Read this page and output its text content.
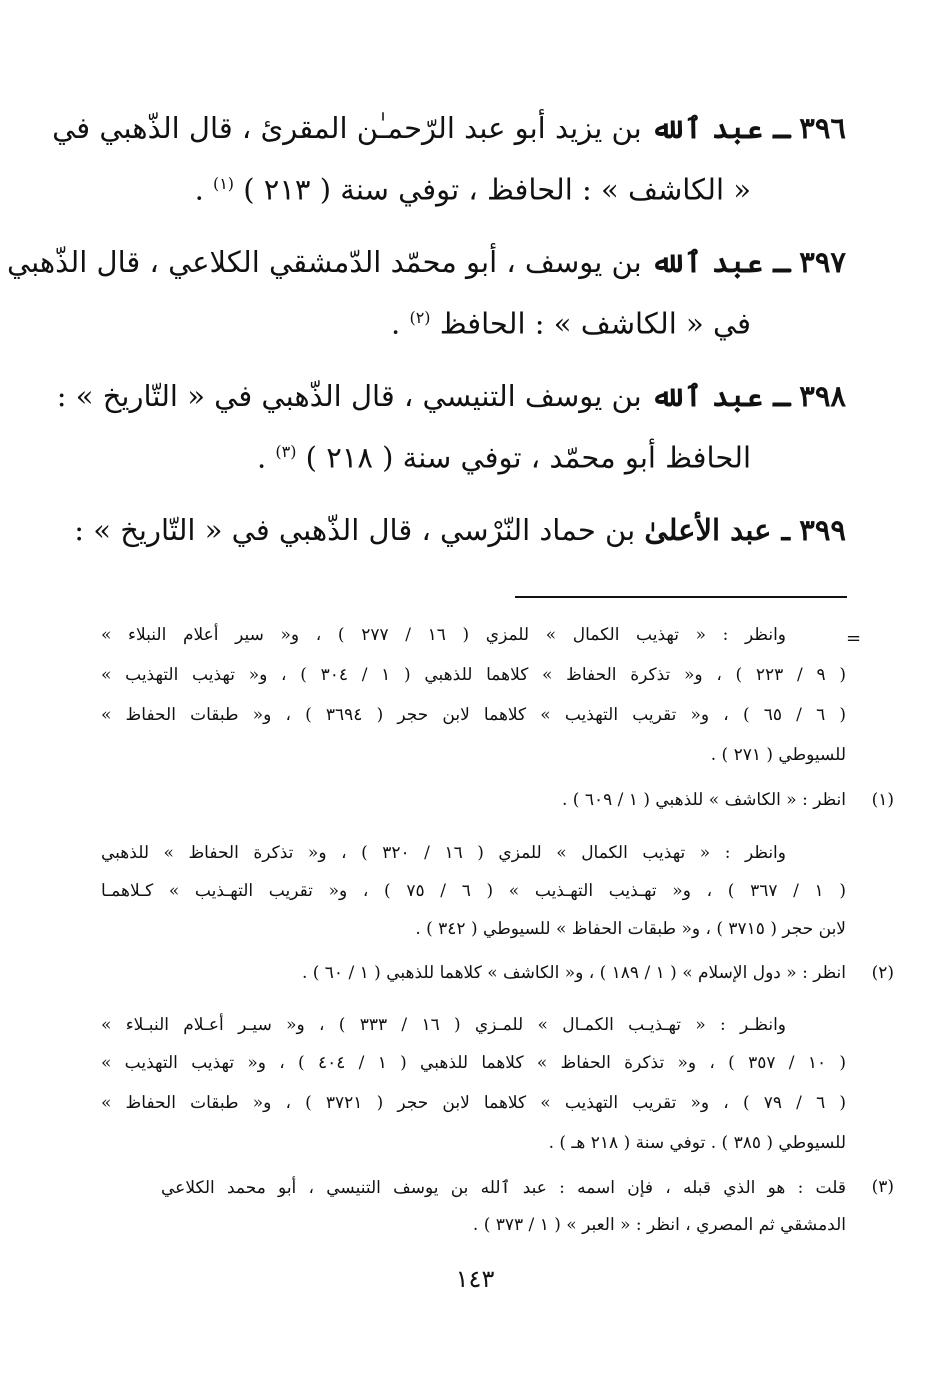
٣٩٦ ـ عبد ٱلله بن يزيد أبو عبد الرّحمـٰن المقرئ ، قال الذّهبي في
« الكاشف » : الحافظ ، توفي سنة ( ٢١٣ ) $^{(١)}$ .
٣٩٧ ـ عبد ٱلله بن يوسف ، أبو محمّد الدّمشقي الكلاعي ، قال الذّهبي
في « الكاشف » : الحافظ $^{(٢)}$ .
٣٩٨ ـ عبد ٱلله بن يوسف التنيسي ، قال الذّهبي في « التّاريخ » :
الحافظ أبو محمّد ، توفي سنة ( ٢١٨ ) $^{(٣)}$ .
٣٩٩ ـ عبد الأعلىٰ بن حماد النّرْسي ، قال الذّهبي في « التّاريخ » :
=
وانظر : « تهذيب الكمال » للمزي ( ١٦ / ٢٧٧ ) ، و« سير أعلام النبلاء »
( ٩ / ٢٢٣ ) ، و« تذكرة الحفاظ » كلاهما للذهبي ( ١ / ٣٠٤ ) ، و« تهذيب التهذيب »
( ٦ / ٦٥ ) ، و« تقريب التهذيب » كلاهما لابن حجر ( ٣٦٩٤ ) ، و« طبقات الحفاظ »
للسيوطي ( ٢٧١ ) .
(١)
انظر : « الكاشف » للذهبي ( ١ / ٦٠٩ ) .
وانظر : « تهذيب الكمال » للمزي ( ١٦ / ٣٢٠ ) ، و« تذكرة الحفاظ » للذهبي
( ١ / ٣٦٧ ) ، و« تهـذيب التهـذيب » ( ٦ / ٧٥ ) ، و« تقريب التهـذيب » كـلاهمـا
لابن حجر ( ٣٧١٥ ) ، و« طبقات الحفاظ » للسيوطي ( ٣٤٢ ) .
(٢)
انظر : « دول الإسلام » ( ١ / ١٨٩ ) ، و« الكاشف » كلاهما للذهبي ( ١ / ٦٠ ) .
وانظـر : « تهـذيـب الكمـال » للمـزي ( ١٦ / ٣٣٣ ) ، و« سيـر أعـلام النبـلاء »
( ١٠ / ٣٥٧ ) ، و« تذكرة الحفاظ » كلاهما للذهبي ( ١ / ٤٠٤ ) ، و« تهذيب التهذيب »
( ٦ / ٧٩ ) ، و« تقريب التهذيب » كلاهما لابن حجر ( ٣٧٢١ ) ، و« طبقات الحفاظ »
للسيوطي ( ٣٨٥ ) . توفي سنة ( ٢١٨ هـ ) .
(٣)
قلت : هو الذي قبله ، فإن اسمه : عبد ٱلله بن يوسف التنيسي ، أبو محمد الكلاعي
الدمشقي ثم المصري ، انظر : « العبر » ( ١ / ٣٧٣ ) .
١٤٣
